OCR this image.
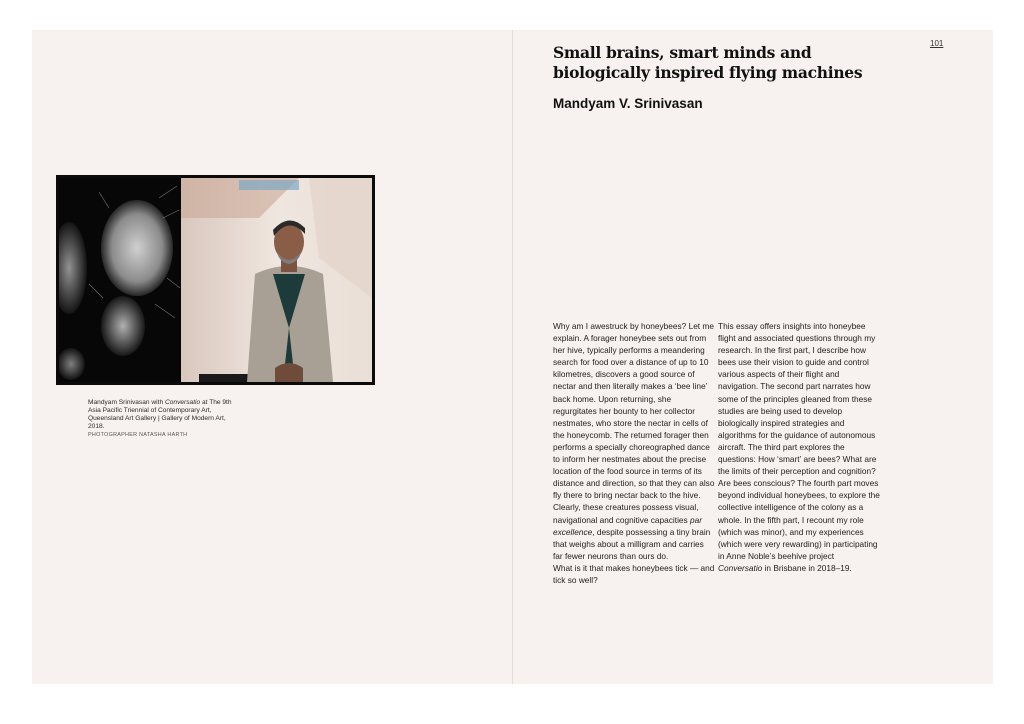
Mandyam Srinivasan with Conversatio at The 9th Asia Pacific Triennial of Contemporary Art, Queensland Art Gallery | Gallery of Modern Art, 2018.
PHOTOGRAPHER NATASHA HARTH
101
Small brains, smart minds and
biologically inspired flying machines
Mandyam V. Srinivasan

Why am I awestruck by honeybees? Let me explain. A forager honeybee sets out from her hive, typically performs a meandering search for food over a distance of up to 10 kilometres, discovers a good source of nectar and then literally makes a ‘bee line’ back home. Upon returning, she regurgitates her bounty to her collector nestmates, who store the nectar in cells of the honeycomb. The returned forager then performs a specially choreographed dance to inform her nestmates about the precise location of the food source in terms of its distance and direction, so that they can also fly there to bring nectar back to the hive. Clearly, these creatures possess visual, navigational and cognitive capacities par excellence, despite possessing a tiny brain that weighs about a milligram and carries far fewer neurons than ours do.

What is it that makes honeybees tick — and tick so well?

This essay offers insights into honeybee flight and associated questions through my research. In the first part, I describe how bees use their vision to guide and control various aspects of their flight and navigation. The second part narrates how some of the principles gleaned from these studies are being used to develop biologically inspired strategies and algorithms for the guidance of autonomous aircraft. The third part explores the questions: How ‘smart’ are bees? What are the limits of their perception and cognition? Are bees conscious? The fourth part moves beyond individual honeybees, to explore the collective intelligence of the colony as a whole. In the fifth part, I recount my role (which was minor), and my experiences (which were very rewarding) in participating in Anne Noble’s beehive project Conversatio in Brisbane in 2018–19.
